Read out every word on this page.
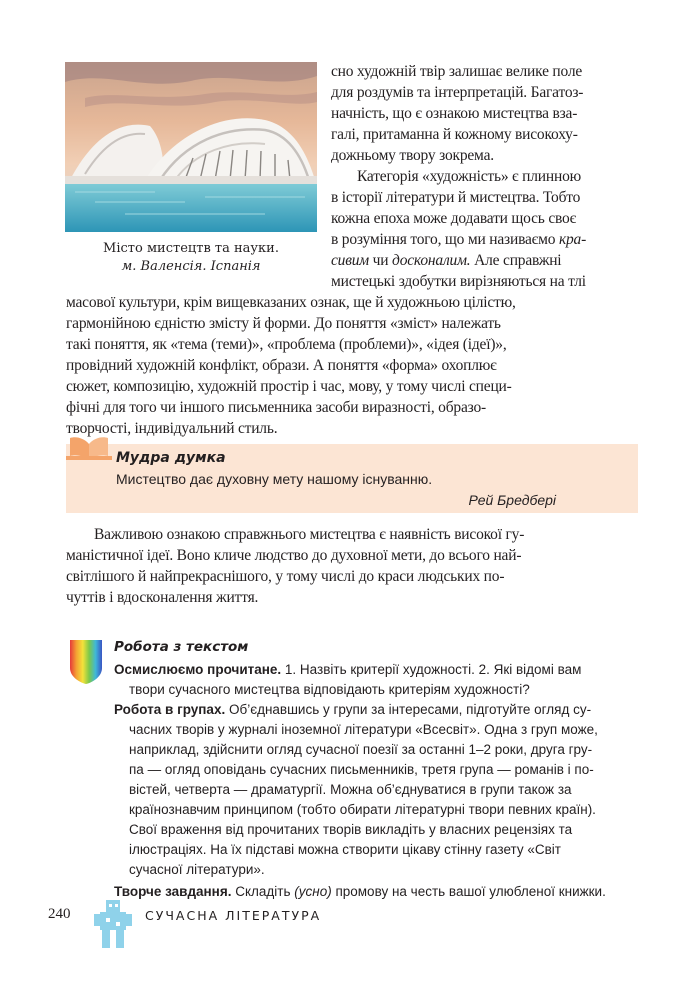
Місто мистецтв та науки.
м. Валенсія. Іспанія
сно художній твір залишає велике поле
для роздумів та інтерпретацій. Багатоз-
начність, що є ознакою мистецтва вза-
галі, притаманна й кожному високоху-
дожньому твору зокрема.
Категорія «художність» є плинною
в історії літератури й мистецтва. Тобто
кожна епоха може додавати щось своє
в розуміння того, що ми називаємо кра-
сивим чи досконалим. Але справжні
мистецькі здобутки вирізняються на тлі
масової культури, крім вищевказаних ознак, ще й художньою цілістю,
гармонійною єдністю змісту й форми. До поняття «зміст» належать
такі поняття, як «тема (теми)», «проблема (проблеми)», «ідея (ідеї)»,
провідний художній конфлікт, образи. А поняття «форма» охоплює
сюжет, композицію, художній простір і час, мову, у тому числі специ-
фічні для того чи іншого письменника засоби виразності, образо-
творчості, індивідуальний стиль.
Мудра думка
Мистецтво дає духовну мету нашому існуванню.
Рей Бредбері
Важливою ознакою справжнього мистецтва є наявність високої гу-
маністичної ідеї. Воно кличе людство до духовної мети, до всього най-
світлішого й найпрекраснішого, у тому числі до краси людських по-
чуттів і вдосконалення життя.
Робота з текстом
Осмислюємо прочитане. 1. Назвіть критерії художності. 2. Які відомі вам
твори сучасного мистецтва відповідають критеріям художності?
Робота в групах. Об’єднавшись у групи за інтересами, підготуйте огляд су-
часних творів у журналі іноземної літератури «Всесвіт». Одна з груп може,
наприклад, здійснити огляд сучасної поезії за останні 1–2 роки, друга гру-
па — огляд оповідань сучасних письменників, третя група — романів і по-
вістей, четверта — драматургії. Можна об’єднуватися в групи також за
країнознавчим принципом (тобто обирати літературні твори певних країн).
Свої враження від прочитаних творів викладіть у власних рецензіях та
ілюстраціях. На їх підставі можна створити цікаву стінну газету «Світ
сучасної літератури».
Творче завдання. Складіть (усно) промову на честь вашої улюбленої книжки.
240	СУЧАСНА ЛІТЕРАТУРА
